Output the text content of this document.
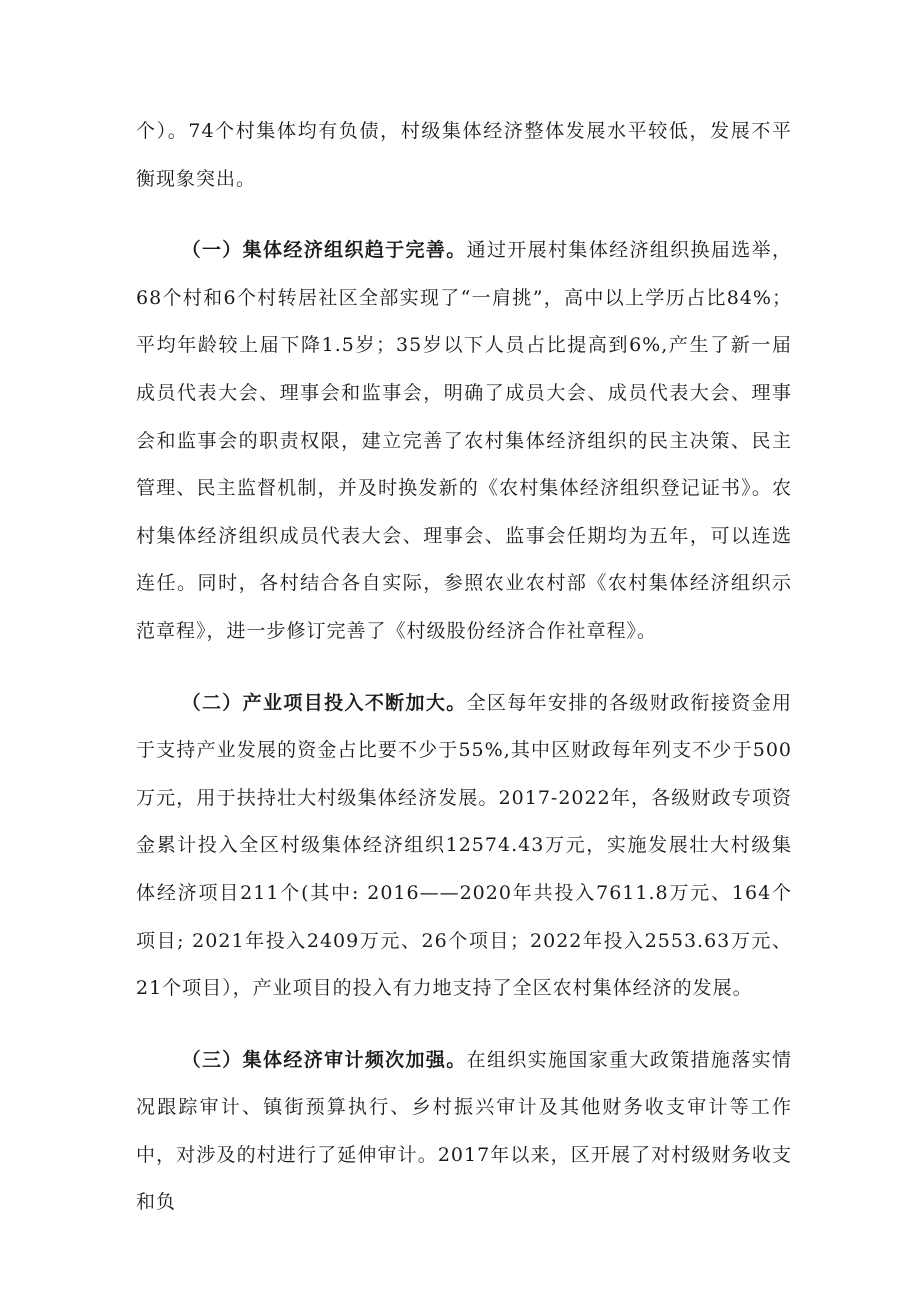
个）。74个村集体均有负债，村级集体经济整体发展水平较低，发展不平衡现象突出。

（一）集体经济组织趋于完善。通过开展村集体经济组织换届选举，68个村和6个村转居社区全部实现了“一肩挑”，高中以上学历占比84%；平均年龄较上届下降1.5岁；35岁以下人员占比提高到6%,产生了新一届成员代表大会、理事会和监事会，明确了成员大会、成员代表大会、理事会和监事会的职责权限，建立完善了农村集体经济组织的民主决策、民主管理、民主监督机制，并及时换发新的《农村集体经济组织登记证书》。农村集体经济组织成员代表大会、理事会、监事会任期均为五年，可以连选连任。同时，各村结合各自实际，参照农业农村部《农村集体经济组织示范章程》，进一步修订完善了《村级股份经济合作社章程》。

（二）产业项目投入不断加大。全区每年安排的各级财政衔接资金用于支持产业发展的资金占比要不少于55%,其中区财政每年列支不少于500万元，用于扶持壮大村级集体经济发展。2017-2022年，各级财政专项资金累计投入全区村级集体经济组织12574.43万元，实施发展壮大村级集体经济项目211个(其中: 2016——2020年共投入7611.8万元、164个项目; 2021年投入2409万元、26个项目；2022年投入2553.63万元、21个项目），产业项目的投入有力地支持了全区农村集体经济的发展。

（三）集体经济审计频次加强。在组织实施国家重大政策措施落实情况跟踪审计、镇街预算执行、乡村振兴审计及其他财务收支审计等工作中，对涉及的村进行了延伸审计。2017年以来，区开展了对村级财务收支和负
